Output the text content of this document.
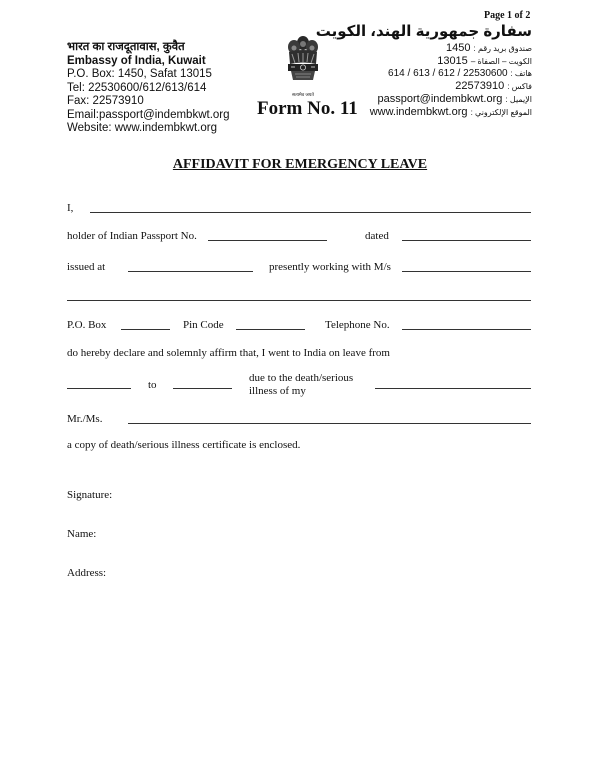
Page 1 of 2
भारत का राजदूतावास, कुवैत
Embassy of India, Kuwait
P.O. Box: 1450, Safat 13015
Tel: 22530600/612/613/614
Fax: 22573910
Email:passport@indembkwt.org
Website: www.indembkwt.org
सत्यमेव जयते
Form No. 11
سفارة جمهورية الهند، الكويت
1450 صندوق بريد رقم :
13015 الكويت – الصفاة –
614 / 613 / 612 / 22530600 هاتف :
22573910 فاكس :
passport@indembkwt.org الإيميل :
www.indembkwt.org الموقع الإلكتروني :
AFFIDAVIT FOR EMERGENCY LEAVE
I,
holder of Indian Passport No.	dated
issued at	presently working with M/s
P.O. Box	Pin Code	Telephone No.
do hereby declare and solemnly affirm that, I went to India on leave from
to
due to the death/serious
illness of my
Mr./Ms.
a copy of death/serious illness certificate is enclosed.
Signature:
Name:
Address:
